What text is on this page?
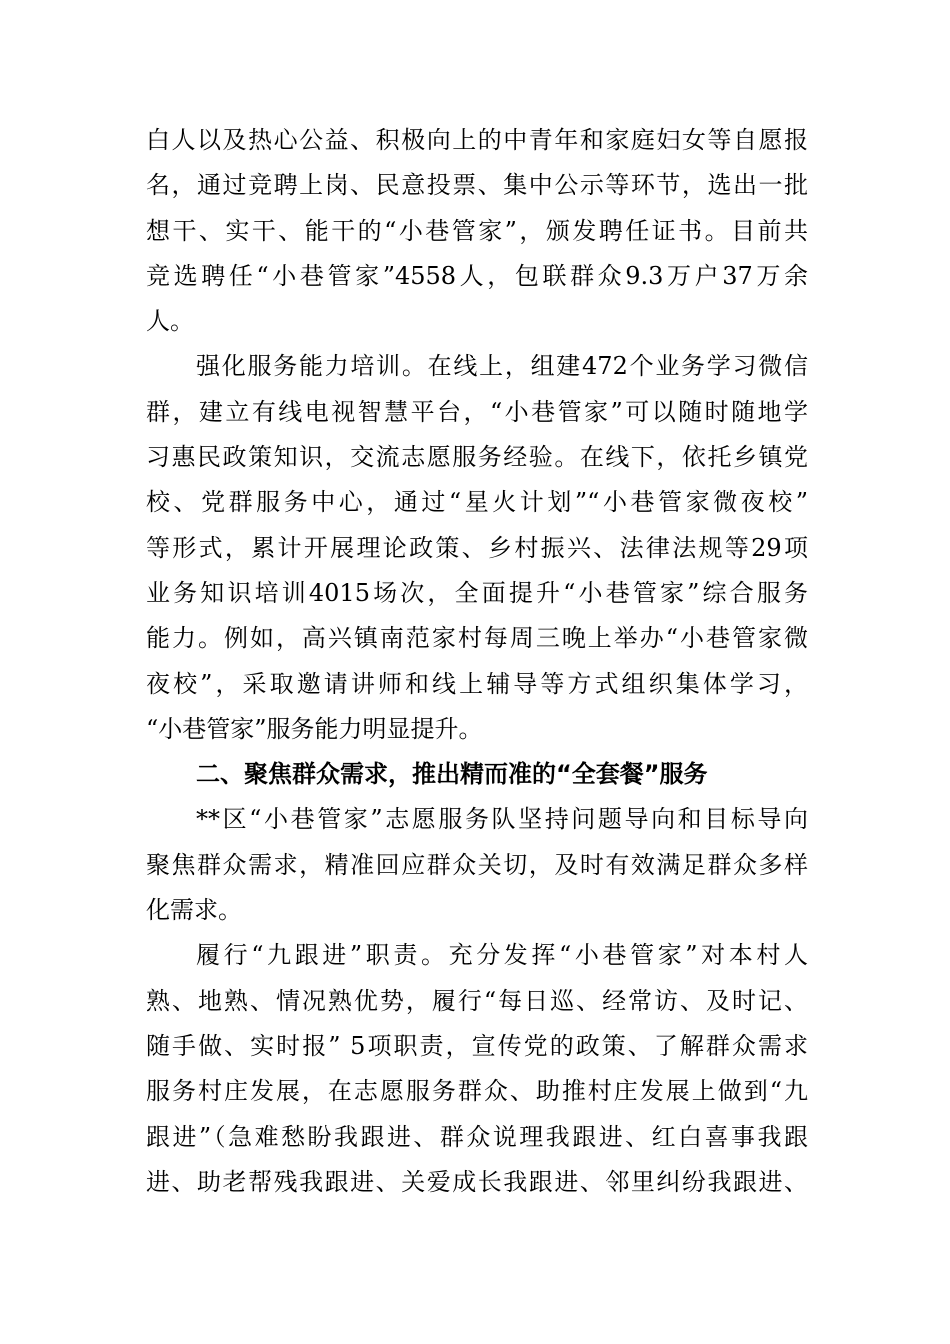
白人以及热心公益、积极向上的中青年和家庭妇女等自愿报
名，通过竞聘上岗、民意投票、集中公示等环节，选出一批
想干、实干、能干的“小巷管家”，颁发聘任证书。目前共
竞选聘任“小巷管家”4558人，包联群众9.3万户37万余
人。
强化服务能力培训。在线上，组建472个业务学习微信
群，建立有线电视智慧平台，“小巷管家”可以随时随地学
习惠民政策知识，交流志愿服务经验。在线下，依托乡镇党
校、党群服务中心，通过“星火计划”“小巷管家微夜校”
等形式，累计开展理论政策、乡村振兴、法律法规等29项
业务知识培训4015场次，全面提升“小巷管家”综合服务
能力。例如，高兴镇南范家村每周三晚上举办“小巷管家微
夜校”，采取邀请讲师和线上辅导等方式组织集体学习，
“小巷管家”服务能力明显提升。
二、聚焦群众需求，推出精而准的“全套餐”服务
**区“小巷管家”志愿服务队坚持问题导向和目标导向
聚焦群众需求，精准回应群众关切，及时有效满足群众多样
化需求。
履行“九跟进”职责。充分发挥“小巷管家”对本村人
熟、地熟、情况熟优势，履行“每日巡、经常访、及时记、
随手做、实时报” 5项职责，宣传党的政策、了解群众需求
服务村庄发展，在志愿服务群众、助推村庄发展上做到“九
跟进”（急难愁盼我跟进、群众说理我跟进、红白喜事我跟
进、助老帮残我跟进、关爱成长我跟进、邻里纠纷我跟进、
